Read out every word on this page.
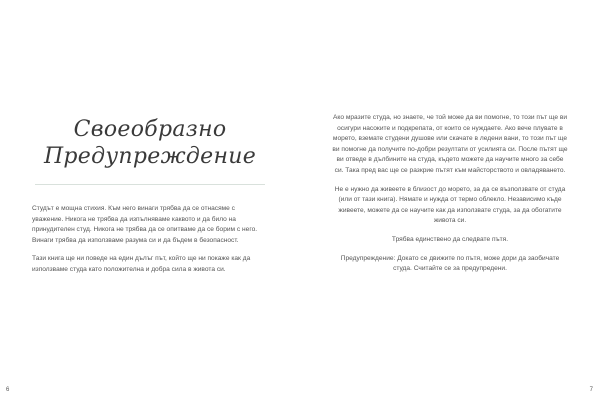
Своеобразно
Предупреждение

Студът е мощна стихия. Към него винаги трябва да се отнасяме с уважение. Никога не трябва да изпълняваме каквото и да било на принудителен студ. Никога не трябва да се опитваме да се борим с него. Винаги трябва да използваме разума си и да бъдем в безопасност.

Тази книга ще ни поведе на един дълъг път, който ще ни покаже как да използваме студа като положителна и добра сила в живота си.

6

Ако мразите студа, но знаете, че той може да ви помогне, то този път ще ви осигури насоките и подкрепата, от които се нуждаете. Ако вече плувате в морето, вземате студени душове или скачате в ледени вани, то този път ще ви помогне да получите по-добри резултати от усилията си. После пътят ще ви отведе в дълбините на студа, където можете да научите много за себе си. Така пред вас ще се разкрие пътят към майсторството и овладяването.

Не е нужно да живеете в близост до морето, за да се възползвате от студа (или от тази книга). Нямате и нужда от термо облекло. Независимо къде живеете, можете да се научите как да използвате студа, за да обогатите живота си.

Трябва единствено да следвате пътя.

Предупреждение: Докато се движите по пътя, може дори да заобичате студа. Считайте се за предупредени.

7
